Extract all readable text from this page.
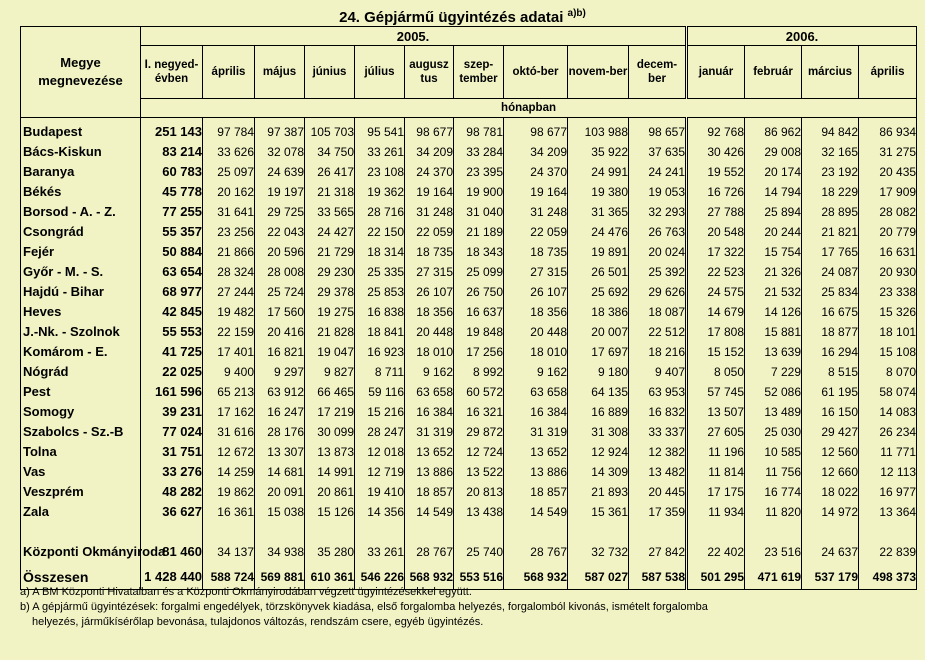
24. Gépjármű ügyintézés adatai $^{a)b)}$
Megye megnevezése	2005.										2006.			
	I. negyed-évben	április	május	június	július	augusz tus	szep-tember	októ-ber	novem-ber	decem-ber	január	február	március	április
	hónapban													
Budapest	251 143	97 784	97 387	105 703	95 541	98 677	98 781	98 677	103 988	98 657	92 768	86 962	94 842	86 934
Bács-Kiskun	83 214	33 626	32 078	34 750	33 261	34 209	33 284	34 209	35 922	37 635	30 426	29 008	32 165	31 275
Baranya	60 783	25 097	24 639	26 417	23 108	24 370	23 395	24 370	24 991	24 241	19 552	20 174	23 192	20 435
Békés	45 778	20 162	19 197	21 318	19 362	19 164	19 900	19 164	19 380	19 053	16 726	14 794	18 229	17 909
Borsod - A. - Z.	77 255	31 641	29 725	33 565	28 716	31 248	31 040	31 248	31 365	32 293	27 788	25 894	28 895	28 082
Csongrád	55 357	23 256	22 043	24 427	22 150	22 059	21 189	22 059	24 476	26 763	20 548	20 244	21 821	20 779
Fejér	50 884	21 866	20 596	21 729	18 314	18 735	18 343	18 735	19 891	20 024	17 322	15 754	17 765	16 631
Győr - M. - S.	63 654	28 324	28 008	29 230	25 335	27 315	25 099	27 315	26 501	25 392	22 523	21 326	24 087	20 930
Hajdú - Bihar	68 977	27 244	25 724	29 378	25 853	26 107	26 750	26 107	25 692	29 626	24 575	21 532	25 834	23 338
Heves	42 845	19 482	17 560	19 275	16 838	18 356	16 637	18 356	18 386	18 087	14 679	14 126	16 675	15 326
J.-Nk. - Szolnok	55 553	22 159	20 416	21 828	18 841	20 448	19 848	20 448	20 007	22 512	17 808	15 881	18 877	18 101
Komárom - E.	41 725	17 401	16 821	19 047	16 923	18 010	17 256	18 010	17 697	18 216	15 152	13 639	16 294	15 108
Nógrád	22 025	9 400	9 297	9 827	8 711	9 162	8 992	9 162	9 180	9 407	8 050	7 229	8 515	8 070
Pest	161 596	65 213	63 912	66 465	59 116	63 658	60 572	63 658	64 135	63 953	57 745	52 086	61 195	58 074
Somogy	39 231	17 162	16 247	17 219	15 216	16 384	16 321	16 384	16 889	16 832	13 507	13 489	16 150	14 083
Szabolcs - Sz.-B	77 024	31 616	28 176	30 099	28 247	31 319	29 872	31 319	31 308	33 337	27 605	25 030	29 427	26 234
Tolna	31 751	12 672	13 307	13 873	12 018	13 652	12 724	13 652	12 924	12 382	11 196	10 585	12 560	11 771
Vas	33 276	14 259	14 681	14 991	12 719	13 886	13 522	13 886	14 309	13 482	11 814	11 756	12 660	12 113
Veszprém	48 282	19 862	20 091	20 861	19 410	18 857	20 813	18 857	21 893	20 445	17 175	16 774	18 022	16 977
Zala	36 627	16 361	15 038	15 126	14 356	14 549	13 438	14 549	15 361	17 359	11 934	11 820	14 972	13 364
Központi Okmányiroda	81 460	34 137	34 938	35 280	33 261	28 767	25 740	28 767	32 732	27 842	22 402	23 516	24 637	22 839
Összesen	1 428 440	588 724	569 881	610 361	546 226	568 932	553 516	568 932	587 027	587 538	501 295	471 619	537 179	498 373
a) A BM Központi Hivatalban és a Központi Okmányirodában végzett ügyintézésekkel együtt.
b) A gépjármű ügyintézések: forgalmi engedélyek, törzskönyvek kiadása, első forgalomba helyezés, forgalomból kivonás, ismételt forgalomba
helyezés, járműkísérőlap bevonása, tulajdonos változás, rendszám csere, egyéb ügyintézés.
